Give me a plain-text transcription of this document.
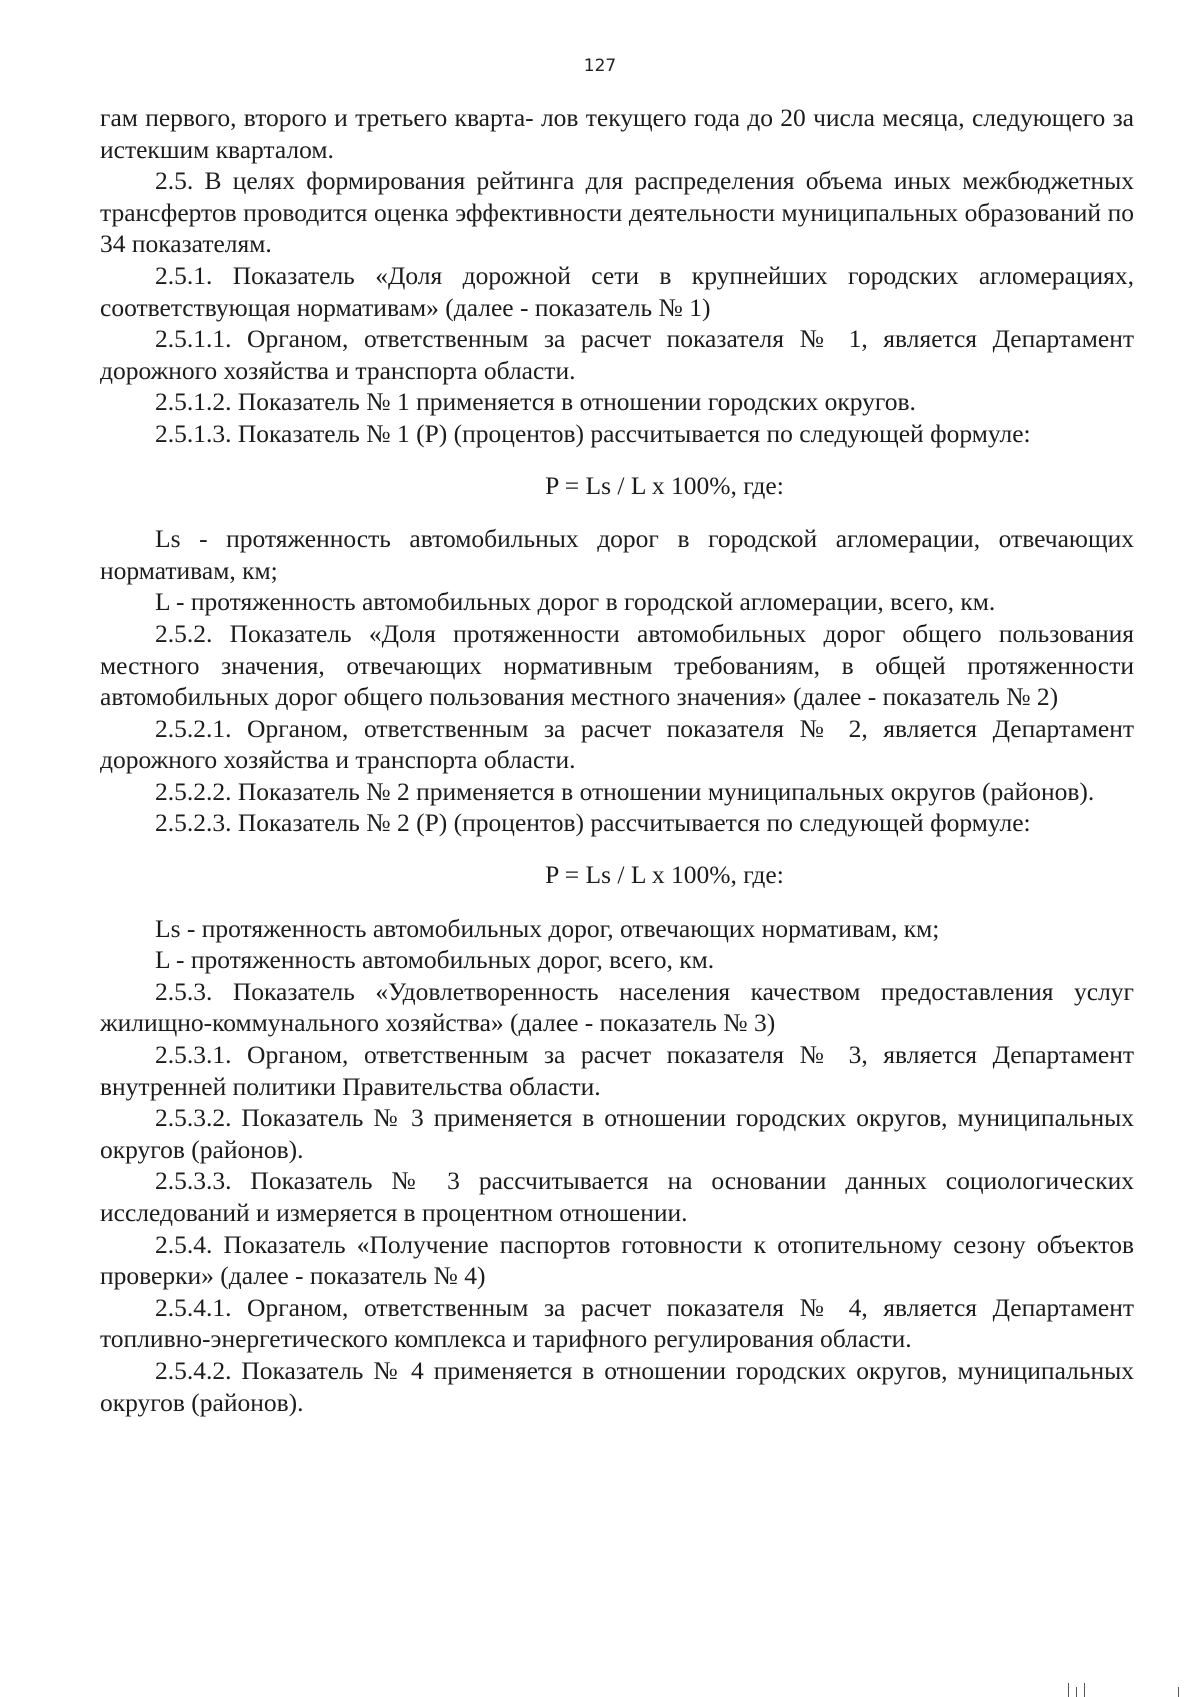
127

гам первого, второго и третьего кварта- лов текущего года до 20 числа месяца, следующего за истекшим кварталом.

2.5. В целях формирования рейтинга для распределения объема иных межбюджетных трансфертов проводится оценка эффективности деятельности муниципальных образований по 34 показателям.

2.5.1. Показатель «Доля дорожной сети в крупнейших городских агломерациях, соответствующая нормативам» (далее - показатель № 1)

2.5.1.1. Органом, ответственным за расчет показателя № 1, является Департамент дорожного хозяйства и транспорта области.

2.5.1.2. Показатель № 1 применяется в отношении городских округов.

2.5.1.3. Показатель № 1 (Р) (процентов) рассчитывается по следующей формуле:

P = Ls / L x 100%, где:

Ls - протяженность автомобильных дорог в городской агломерации, отвечающих нормативам, км;

L - протяженность автомобильных дорог в городской агломерации, всего, км.

2.5.2. Показатель «Доля протяженности автомобильных дорог общего пользования местного значения, отвечающих нормативным требованиям, в общей протяженности автомобильных дорог общего пользования местного значения» (далее - показатель № 2)

2.5.2.1. Органом, ответственным за расчет показателя № 2, является Департамент дорожного хозяйства и транспорта области.

2.5.2.2. Показатель № 2 применяется в отношении муниципальных округов (районов).

2.5.2.3. Показатель № 2 (Р) (процентов) рассчитывается по следующей формуле:

P = Ls / L x 100%, где:

Ls - протяженность автомобильных дорог, отвечающих нормативам, км;

L - протяженность автомобильных дорог, всего, км.

2.5.3. Показатель «Удовлетворенность населения качеством предоставления услуг жилищно-коммунального хозяйства» (далее - показатель № 3)

2.5.3.1. Органом, ответственным за расчет показателя № 3, является Департамент внутренней политики Правительства области.

2.5.3.2. Показатель № 3 применяется в отношении городских округов, муниципальных округов (районов).

2.5.3.3. Показатель № 3 рассчитывается на основании данных социологических исследований и измеряется в процентном отношении.

2.5.4. Показатель «Получение паспортов готовности к отопительному сезону объектов проверки» (далее - показатель № 4)

2.5.4.1. Органом, ответственным за расчет показателя № 4, является Департамент топливно-энергетического комплекса и тарифного регулирования области.

2.5.4.2. Показатель № 4 применяется в отношении городских округов, муниципальных округов (районов).
